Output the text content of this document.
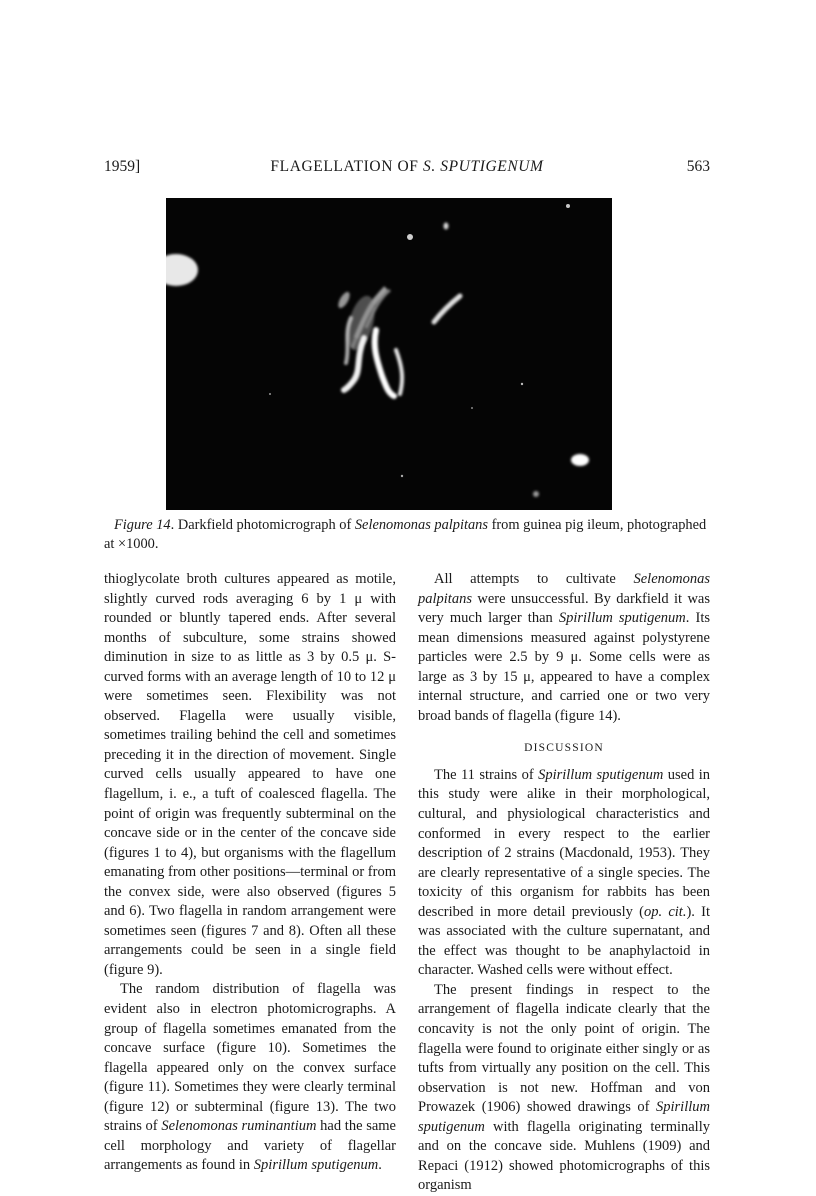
1959]	FLAGELLATION OF S. SPUTIGENUM	563
Figure 14. Darkfield photomicrograph of Selenomonas palpitans from guinea pig ileum, photographed at ×1000.

thioglycolate broth cultures appeared as motile, slightly curved rods averaging 6 by 1 μ with rounded or bluntly tapered ends. After several months of subculture, some strains showed diminution in size to as little as 3 by 0.5 μ. S-curved forms with an average length of 10 to 12 μ were sometimes seen. Flexibility was not observed. Flagella were usually visible, sometimes trailing behind the cell and sometimes preceding it in the direction of movement. Single curved cells usually appeared to have one flagellum, i. e., a tuft of coalesced flagella. The point of origin was frequently subterminal on the concave side or in the center of the concave side (figures 1 to 4), but organisms with the flagellum emanating from other positions—terminal or from the convex side, were also observed (figures 5 and 6). Two flagella in random arrangement were sometimes seen (figures 7 and 8). Often all these arrangements could be seen in a single field (figure 9).

The random distribution of flagella was evident also in electron photomicrographs. A group of flagella sometimes emanated from the concave surface (figure 10). Sometimes the flagella appeared only on the convex surface (figure 11). Sometimes they were clearly terminal (figure 12) or subterminal (figure 13). The two strains of Selenomonas ruminantium had the same cell morphology and variety of flagellar arrangements as found in Spirillum sputigenum.

All attempts to cultivate Selenomonas palpitans were unsuccessful. By darkfield it was very much larger than Spirillum sputigenum. Its mean dimensions measured against polystyrene particles were 2.5 by 9 μ. Some cells were as large as 3 by 15 μ, appeared to have a complex internal structure, and carried one or two very broad bands of flagella (figure 14).

DISCUSSION

The 11 strains of Spirillum sputigenum used in this study were alike in their morphological, cultural, and physiological characteristics and conformed in every respect to the earlier description of 2 strains (Macdonald, 1953). They are clearly representative of a single species. The toxicity of this organism for rabbits has been described in more detail previously (op. cit.). It was associated with the culture supernatant, and the effect was thought to be anaphylactoid in character. Washed cells were without effect.

The present findings in respect to the arrangement of flagella indicate clearly that the concavity is not the only point of origin. The flagella were found to originate either singly or as tufts from virtually any position on the cell. This observation is not new. Hoffman and von Prowazek (1906) showed drawings of Spirillum sputigenum with flagella originating terminally and on the concave side. Muhlens (1909) and Repaci (1912) showed photomicrographs of this organism
